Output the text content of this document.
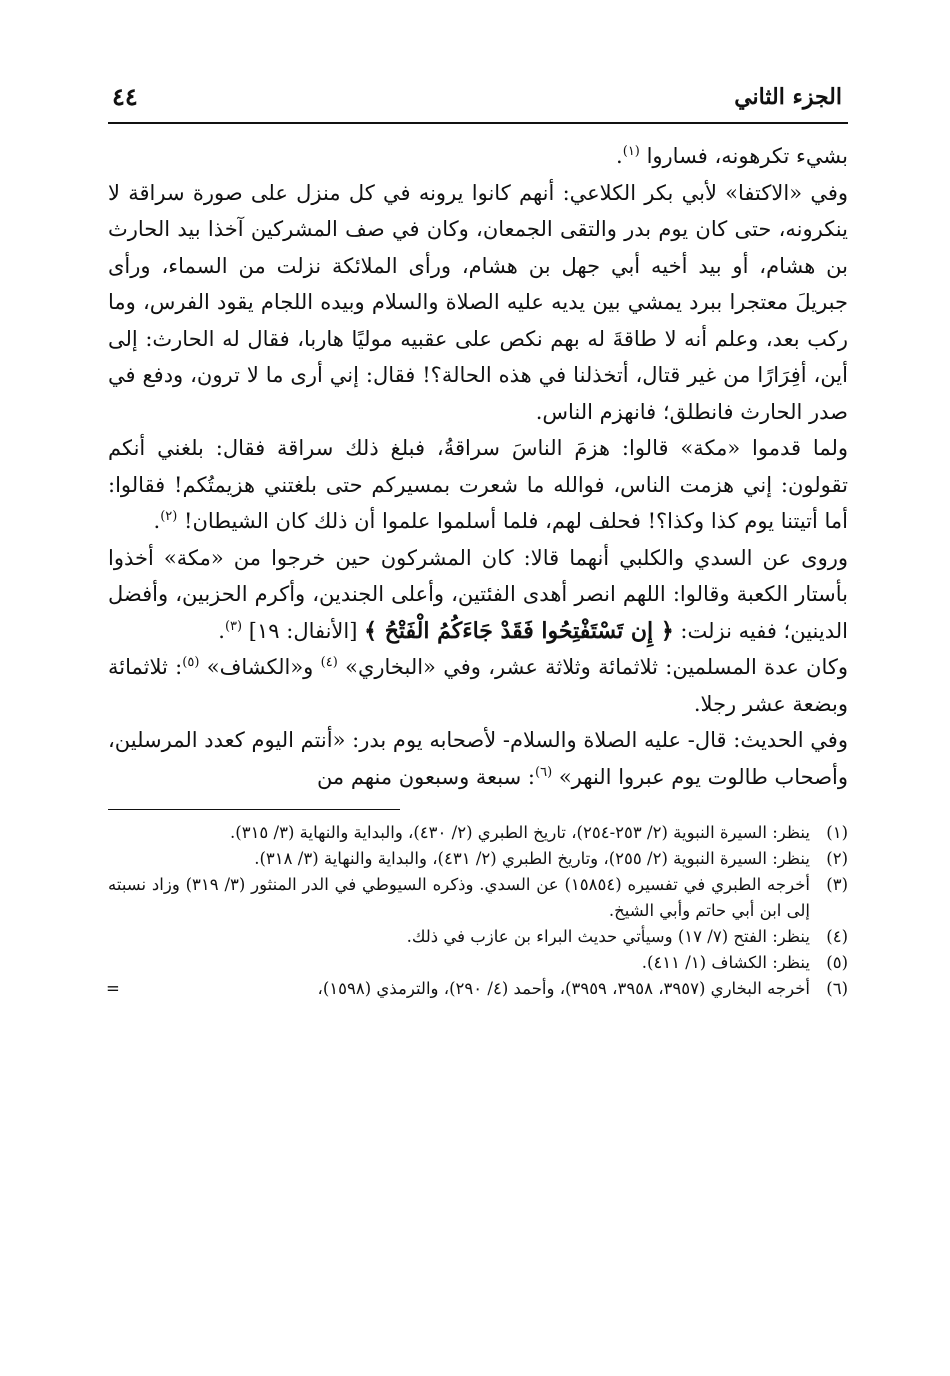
الجزء الثاني
٤٤

بشيء تكرهونه، فساروا $^{(١)}$.

وفي «الاكتفا» لأبي بكر الكلاعي: أنهم كانوا يرونه في كل منزل على صورة سراقة لا ينكرونه، حتى كان يوم بدر والتقى الجمعان، وكان في صف المشركين آخذا بيد الحارث بن هشام، أو بيد أخيه أبي جهل بن هشام، ورأى الملائكة نزلت من السماء، ورأى جبريلَ معتجرا ببرد يمشي بين يديه عليه الصلاة والسلام وبيده اللجام يقود الفرس، وما ركب بعد، وعلم أنه لا طاقةَ له بهم نكص على عقبيه موليًا هاربا، فقال له الحارث: إلى أين، أفِرَارًا من غير قتال، أتخذلنا في هذه الحالة؟! فقال: إني أرى ما لا ترون، ودفع في صدر الحارث فانطلق؛ فانهزم الناس.

ولما قدموا «مكة» قالوا: هزمَ الناسَ سراقةُ، فبلغ ذلك سراقة فقال: بلغني أنكم تقولون: إني هزمت الناس، فوالله ما شعرت بمسيركم حتى بلغتني هزيمتُكم! فقالوا: أما أتيتنا يوم كذا وكذا؟! فحلف لهم، فلما أسلموا علموا أن ذلك كان الشيطان! $^{(٢)}$.

وروى عن السدي والكلبي أنهما قالا: كان المشركون حين خرجوا من «مكة» أخذوا بأستار الكعبة وقالوا: اللهم انصر أهدى الفئتين، وأعلى الجندين، وأكرم الحزبين، وأفضل الدينين؛ ففيه نزلت: ﴿ إِن تَسْتَفْتِحُوا فَقَدْ جَاءَكُمُ الْفَتْحُ ﴾ [الأنفال: ١٩] $^{(٣)}$.

وكان عدة المسلمين: ثلاثمائة وثلاثة عشر، وفي «البخاري» $^{(٤)}$ و«الكشاف» $^{(٥)}$: ثلاثمائة وبضعة عشر رجلا.

وفي الحديث: قال- عليه الصلاة والسلام- لأصحابه يوم بدر: «أنتم اليوم كعدد المرسلين، وأصحاب طالوت يوم عبروا النهر» $^{(٦)}$: سبعة وسبعون منهم من

(١)
ينظر: السيرة النبوية (٢/ ٢٥٣-٢٥٤)، تاريخ الطبري (٢/ ٤٣٠)، والبداية والنهاية (٣/ ٣١٥).
(٢)
ينظر: السيرة النبوية (٢/ ٢٥٥)، وتاريخ الطبري (٢/ ٤٣١)، والبداية والنهاية (٣/ ٣١٨).
(٣)
أخرجه الطبري في تفسيره (١٥٨٥٤) عن السدي. وذكره السيوطي في الدر المنثور (٣/ ٣١٩) وزاد نسبته إلى ابن أبي حاتم وأبي الشيخ.
(٤)
ينظر: الفتح (٧/ ١٧) وسيأتي حديث البراء بن عازب في ذلك.
(٥)
ينظر: الكشاف (١/ ٤١١).
(٦)
أخرجه البخاري (٣٩٥٧، ٣٩٥٨، ٣٩٥٩)، وأحمد (٤/ ٢٩٠)، والترمذي (١٥٩٨)،
=
